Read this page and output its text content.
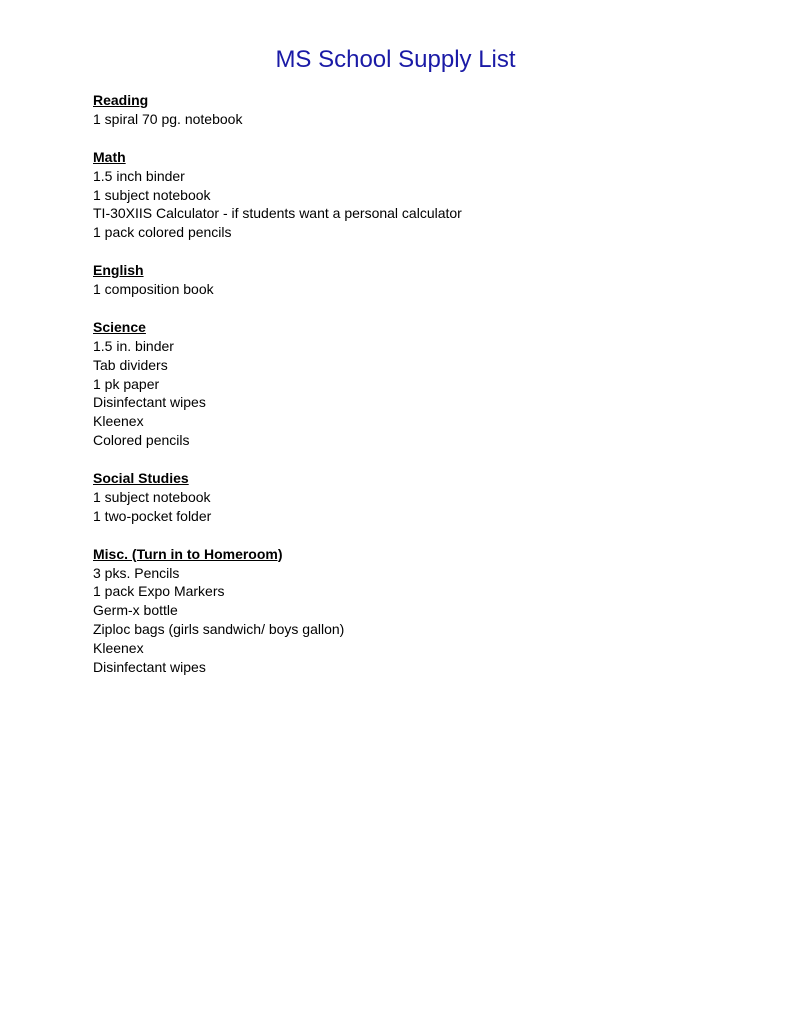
MS School Supply List
Reading
1 spiral 70 pg. notebook
Math
1.5 inch binder
1 subject notebook
TI-30XIIS Calculator - if students want a personal calculator
1 pack colored pencils
English
1 composition book
Science
1.5 in. binder
Tab dividers
1 pk paper
Disinfectant wipes
Kleenex
Colored pencils
Social Studies
1 subject notebook
1 two-pocket folder
Misc. (Turn in to Homeroom)
3 pks. Pencils
1 pack Expo Markers
Germ-x bottle
Ziploc bags (girls sandwich/ boys gallon)
Kleenex
Disinfectant wipes
